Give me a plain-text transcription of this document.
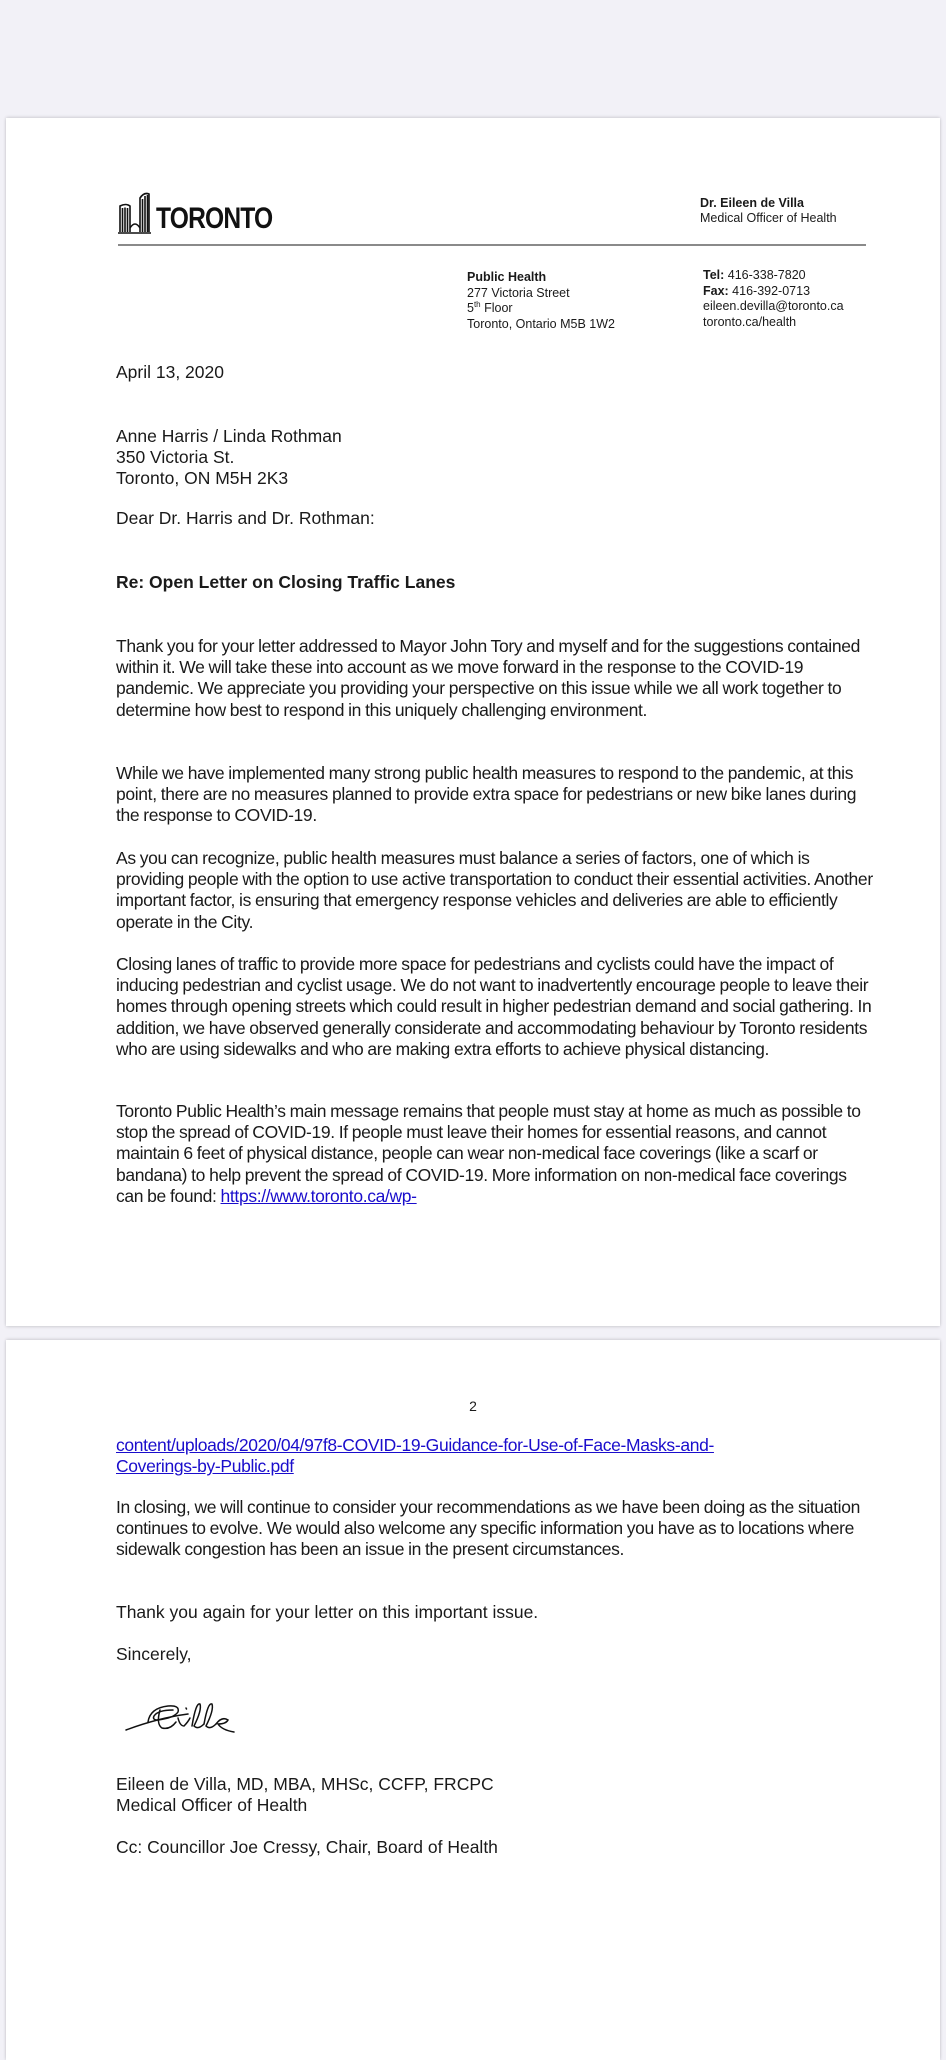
TORONTO	Dr. Eileen de Villa
Medical Officer of Health
Public Health
277 Victoria Street
5th Floor
Toronto, Ontario M5B 1W2
Tel: 416-338-7820
Fax: 416-392-0713
eileen.devilla@toronto.ca
toronto.ca/health
April 13, 2020

Anne Harris / Linda Rothman

350 Victoria St.

Toronto, ON M5H 2K3

Dear Dr. Harris and Dr. Rothman:
Re: Open Letter on Closing Traffic Lanes

Thank you for your letter addressed to Mayor John Tory and myself and for the suggestions contained within it. We will take these into account as we move forward in the response to the COVID-19 pandemic. We appreciate you providing your perspective on this issue while we all work together to determine how best to respond in this uniquely challenging environment.

While we have implemented many strong public health measures to respond to the pandemic, at this point, there are no measures planned to provide extra space for pedestrians or new bike lanes during the response to COVID-19.

As you can recognize, public health measures must balance a series of factors, one of which is providing people with the option to use active transportation to conduct their essential activities. Another important factor, is ensuring that emergency response vehicles and deliveries are able to efficiently operate in the City.

Closing lanes of traffic to provide more space for pedestrians and cyclists could have the impact of inducing pedestrian and cyclist usage. We do not want to inadvertently encourage people to leave their homes through opening streets which could result in higher pedestrian demand and social gathering. In addition, we have observed generally considerate and accommodating behaviour by Toronto residents who are using sidewalks and who are making extra efforts to achieve physical distancing.

Toronto Public Health’s main message remains that people must stay at home as much as possible to stop the spread of COVID-19. If people must leave their homes for essential reasons, and cannot maintain 6 feet of physical distance, people can wear non-medical face coverings (like a scarf or bandana) to help prevent the spread of COVID-19. More information on non-medical face coverings can be found: https://www.toronto.ca/wp-

2
content/uploads/2020/04/97f8-COVID-19-Guidance-for-Use-of-Face-Masks-and-
Coverings-by-Public.pdf

In closing, we will continue to consider your recommendations as we have been doing as the situation continues to evolve. We would also welcome any specific information you have as to locations where sidewalk congestion has been an issue in the present circumstances.

Thank you again for your letter on this important issue.
Sincerely,

Eileen de Villa, MD, MBA, MHSc, CCFP, FRCPC

Medical Officer of Health

Cc: Councillor Joe Cressy, Chair, Board of Health
